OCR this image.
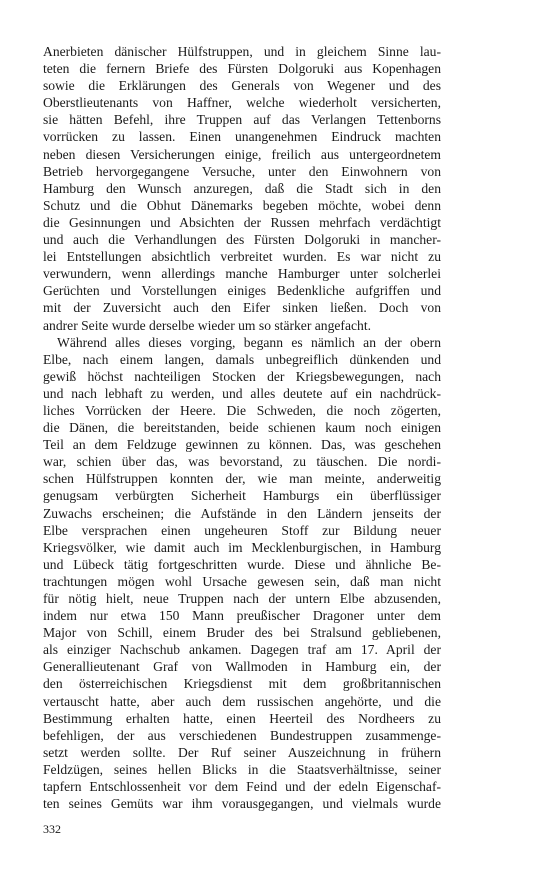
Anerbieten dänischer Hülfstruppen, und in gleichem Sinne lau-
teten die fernern Briefe des Fürsten Dolgoruki aus Kopenhagen
sowie die Erklärungen des Generals von Wegener und des
Oberstlieutenants von Haffner, welche wiederholt versicherten,
sie hätten Befehl, ihre Truppen auf das Verlangen Tettenborns
vorrücken zu lassen. Einen unangenehmen Eindruck machten
neben diesen Versicherungen einige, freilich aus untergeordnetem
Betrieb hervorgegangene Versuche, unter den Einwohnern von
Hamburg den Wunsch anzuregen, daß die Stadt sich in den
Schutz und die Obhut Dänemarks begeben möchte, wobei denn
die Gesinnungen und Absichten der Russen mehrfach verdächtigt
und auch die Verhandlungen des Fürsten Dolgoruki in mancher-
lei Entstellungen absichtlich verbreitet wurden. Es war nicht zu
verwundern, wenn allerdings manche Hamburger unter solcherlei
Gerüchten und Vorstellungen einiges Bedenkliche aufgriffen und
mit der Zuversicht auch den Eifer sinken ließen. Doch von
andrer Seite wurde derselbe wieder um so stärker angefacht.
Während alles dieses vorging, begann es nämlich an der obern
Elbe, nach einem langen, damals unbegreiflich dünkenden und
gewiß höchst nachteiligen Stocken der Kriegsbewegungen, nach
und nach lebhaft zu werden, und alles deutete auf ein nachdrück-
liches Vorrücken der Heere. Die Schweden, die noch zögerten,
die Dänen, die bereitstanden, beide schienen kaum noch einigen
Teil an dem Feldzuge gewinnen zu können. Das, was geschehen
war, schien über das, was bevorstand, zu täuschen. Die nordi-
schen Hülfstruppen konnten der, wie man meinte, anderweitig
genugsam verbürgten Sicherheit Hamburgs ein überflüssiger
Zuwachs erscheinen; die Aufstände in den Ländern jenseits der
Elbe versprachen einen ungeheuren Stoff zur Bildung neuer
Kriegsvölker, wie damit auch im Mecklenburgischen, in Hamburg
und Lübeck tätig fortgeschritten wurde. Diese und ähnliche Be-
trachtungen mögen wohl Ursache gewesen sein, daß man nicht
für nötig hielt, neue Truppen nach der untern Elbe abzusenden,
indem nur etwa 150 Mann preußischer Dragoner unter dem
Major von Schill, einem Bruder des bei Stralsund gebliebenen,
als einziger Nachschub ankamen. Dagegen traf am 17. April der
Generallieutenant Graf von Wallmoden in Hamburg ein, der
den österreichischen Kriegsdienst mit dem großbritannischen
vertauscht hatte, aber auch dem russischen angehörte, und die
Bestimmung erhalten hatte, einen Heerteil des Nordheers zu
befehligen, der aus verschiedenen Bundestruppen zusammenge-
setzt werden sollte. Der Ruf seiner Auszeichnung in frühern
Feldzügen, seines hellen Blicks in die Staatsverhältnisse, seiner
tapfern Entschlossenheit vor dem Feind und der edeln Eigenschaf-
ten seines Gemüts war ihm vorausgegangen, und vielmals wurde
332
